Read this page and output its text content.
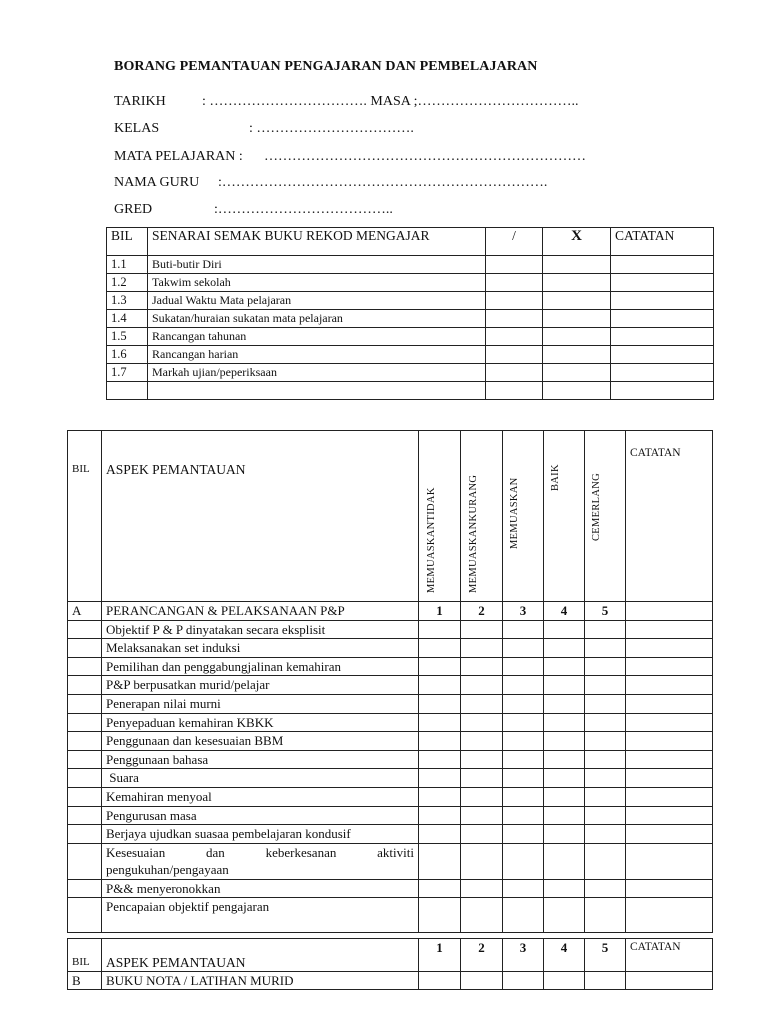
BORANG PEMANTAUAN PENGAJARAN DAN PEMBELAJARAN
TARIKH	: ……………………………. MASA ;……………………………..
KELAS	: …………………………….
MATA PELAJARAN : ……………………………………………………………
NAMA GURU :…………………………………………………………….
GRED	:………………………………..
BIL	SENARAI SEMAK BUKU REKOD MENGAJAR	/	X	CATATAN
1.1	Buti-butir Diri			
1.2	Takwim sekolah			
1.3	Jadual Waktu Mata pelajaran			
1.4	Sukatan/huraian sukatan mata pelajaran			
1.5	Rancangan tahunan			
1.6	Rancangan harian			
1.7	Markah ujian/peperiksaan			

BIL	ASPEK PEMANTAUAN	MEMUASKANTIDAK	MEMUASKANKURANG	MEMUASKAN	BAIK	CEMERLANG	CATATAN
A	PERANCANGAN & PELAKSANAAN P&P	1	2	3	4	5	
	Objektif P & P dinyatakan secara eksplisit						
	Melaksanakan set induksi						
	Pemilihan dan penggabungjalinan kemahiran						
	P&P berpusatkan murid/pelajar						
	Penerapan nilai murni						
	Penyepaduan kemahiran KBKK						
	Penggunaan dan kesesuaian BBM						
	Penggunaan bahasa						
	Suara						
	Kemahiran menyoal						
	Pengurusan masa						
	Berjaya ujudkan suasaa pembelajaran kondusif						
	Kesesuaian dan keberkesanan aktiviti pengukuhan/pengayaan						
	P&& menyeronokkan						
	Pencapaian objektif pengajaran						
BIL	ASPEK PEMANTAUAN	1	2	3	4	5	CATATAN
B	BUKU NOTA / LATIHAN MURID						
